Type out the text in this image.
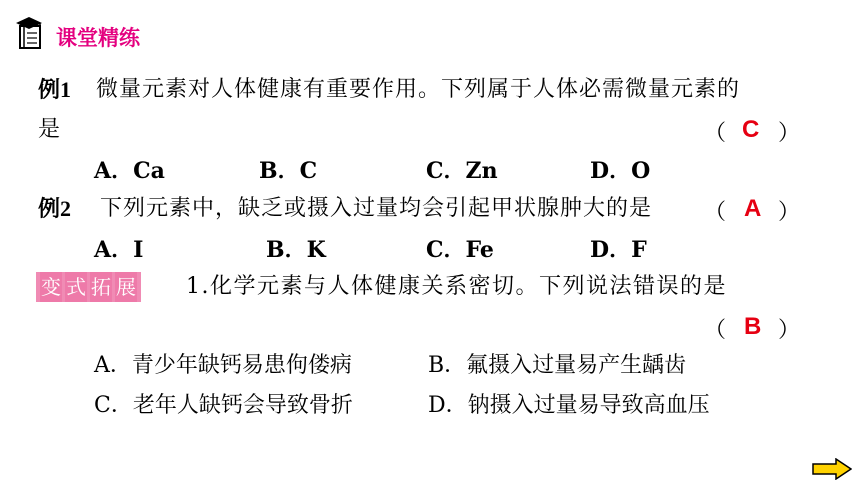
课堂精练
例1 微量元素对人体健康有重要作用。下列属于人体必需微量元素的
是	（ C ）
A．Ca	B．C	C．Zn	D．O
例2 下列元素中，缺乏或摄入过量均会引起甲状腺肿大的是 （ A ）
A．I	B．K	C．Fe	D．F
变 式 拓 展 1.化学元素与人体健康关系密切。下列说法错误的是
（ B ）
A．青少年缺钙易患佝偻病	B．氟摄入过量易产生龋齿
C．老年人缺钙会导致骨折	D．钠摄入过量易导致高血压
